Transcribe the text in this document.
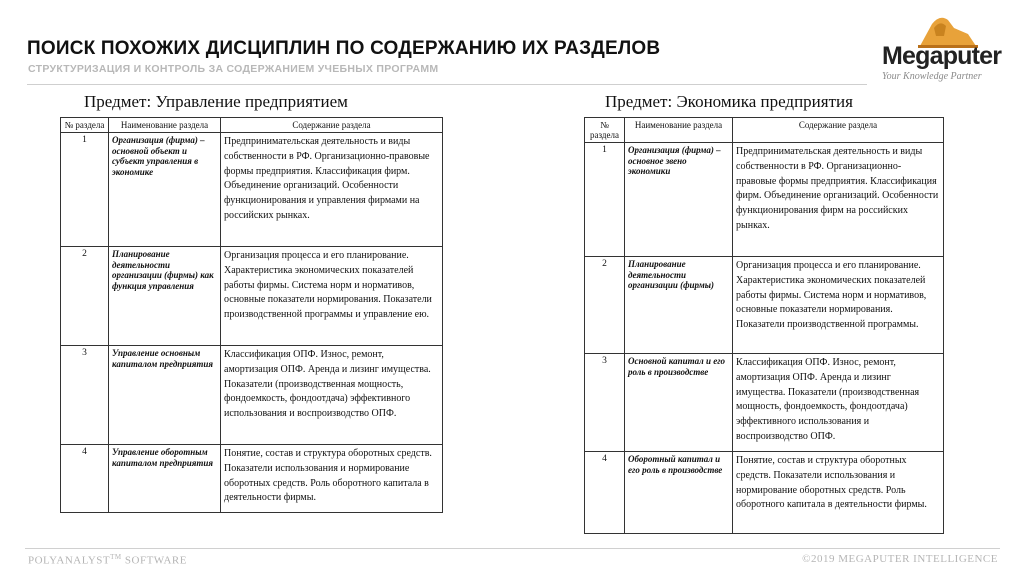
ПОИСК ПОХОЖИХ ДИСЦИПЛИН ПО СОДЕРЖАНИЮ ИХ РАЗДЕЛОВ
СТРУКТУРИЗАЦИЯ И КОНТРОЛЬ ЗА СОДЕРЖАНИЕМ УЧЕБНЫХ ПРОГРАММ	Megaputer
Your Knowledge Partner
Предмет: Управление предприятием	Предмет: Экономика предприятия
№ раздела	Наименование раздела	Содержание раздела
1	Организация (фирма) – основной объект и субъект управления в экономике	Предпринимательская деятельность и виды собственности в РФ. Организационно-правовые формы предприятия. Классификация фирм. Объединение организаций. Особенности функционирования и управления фирмами на российских рынках.
2	Планирование деятельности организации (фирмы) как функция управления	Организация процесса и его планирование. Характеристика экономических показателей работы фирмы. Система норм и нормативов, основные показатели нормирования. Показатели производственной программы и управление ею.
3	Управление основным капиталом предприятия	Классификация ОПФ. Износ, ремонт, амортизация ОПФ. Аренда и лизинг имущества. Показатели (производственная мощность, фондоемкость, фондоотдача) эффективного использования и воспроизводство ОПФ.
4	Управление оборотным капиталом предприятия	Понятие, состав и структура оборотных средств. Показатели использования и нормирование оборотных средств. Роль оборотного капитала в деятельности фирмы.
№ раздела	Наименование раздела	Содержание раздела
1	Организация (фирма) – основное звено экономики	Предпринимательская деятельность и виды собственности в РФ. Организационно-правовые формы предприятия. Классификация фирм. Объединение организаций. Особенности функционирования фирм на российских рынках.
2	Планирование деятельности организации (фирмы)	Организация процесса и его планирование. Характеристика экономических показателей работы фирмы. Система норм и нормативов, основные показатели нормирования. Показатели производственной программы.
3	Основной капитал и его роль в производстве	Классификация ОПФ. Износ, ремонт, амортизация ОПФ. Аренда и лизинг имущества. Показатели (производственная мощность, фондоемкость, фондоотдача) эффективного использования и воспроизводство ОПФ.
4	Оборотный капитал и его роль в производстве	Понятие, состав и структура оборотных средств. Показатели использования и нормирование оборотных средств. Роль оборотного капитала в деятельности фирмы.
POLYANALYST™ SOFTWARE	©2019 MEGAPUTER INTELLIGENCE
